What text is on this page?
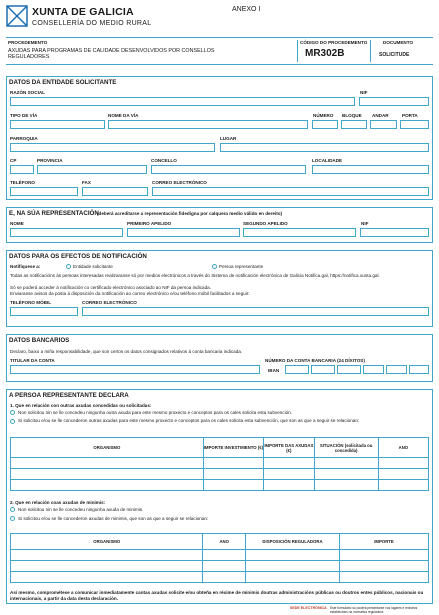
XUNTA DE GALICIA
CONSELLERÍA DO MEDIO RURAL
ANEXO I
PROCEDEMENTO
AXUDAS PARA PROGRAMAS DE CALIDADE DESENVOLVIDOS POR CONSELLOS REGULADORES
CÓDIGO DO PROCEDEMENTO
MR302B
DOCUMENTO
SOLICITUDE
DATOS DA ENTIDADE SOLICITANTE
RAZÓN SOCIAL	NIF
TIPO DE VÍA	NOME DA VÍA	NÚMERO BLOQUE ANDAR	PORTA
PARROQUIA	LUGAR
CP	PROVINCIA	CONCELLO	LOCALIDADE
TELÉFONO	FAX	CORREO ELECTRÓNICO
E, NA SÚA REPRESENTACIÓN
(deberá acreditarse a representación fidedigna por calquera medio válido en dereito)
NOME	PRIMEIRO APELIDO	SEGUNDO APELIDO	NIF
DATOS PARA OS EFECTOS DE NOTIFICACIÓN
Notifíquese a:	Entidade solicitante	Persoa representante
Todas as notificacións ás persoas interesadas realizaranse só por medios electrónicos a través do Sistema de notificación electrónica de Galicia Notifica.gal, https://notifica.xunta.gal.
Só se poderá acceder á notificación co certificado electrónico asociado ao NIF da persoa indicada.
Enviaranse avisos da posta á disposición da notificación ao correo electrónico e/ou teléfono móbil facilitados a seguir:
TELÉFONO MÓBIL	CORREO ELECTRÓNICO
DATOS BANCARIOS
Declaro, baixo a miña responsabilidade, que son certos os datos consignados relativos á conta bancaria indicada.
TITULAR DA CONTA	NÚMERO DA CONTA BANCARIA (24 DÍXITOS)
IBAN
A PERSOA REPRESENTANTE DECLARA
1. Que en relación con outras axudas concedidas ou solicitadas:
Non solicitou nin se lle concedeu ningunha outra axuda para este mesmo proxecto e conceptos para os cales solicita esta subvención.
Si solicitou e/ou se lle concederon outras axudas para este mesmo proxecto e conceptos para os cales solicita esta subvención, que son as que a seguir se relacionan:
ORGANISMO	IMPORTE INVESTIMENTO (€)	IMPORTE DAS AXUDAS (€)	SITUACIÓN (solicitada ou concedida)	ANO

2. Que en relación coas axudas de minimis:
Non solicitou nin se lle concedeu ningunha axuda de minimis.
Si solicitou e/ou se lle concederon axudas de minimis, que son as que a seguir se relacionan:
ORGANISMO	ANO	DISPOSICIÓN REGULADORA	IMPORTE

Así mesmo, comprométese a comunicar inmediatamente cantas axudas solicite e/ou obteña en réxime de minimis doutras administracións públicas ou doutros entes públicos, nacionais ou internacionais, a partir da data desta declaración.
SEDE ELECTRÓNICA Este formulario só poderá presentarse nos lugares e rexistros establecidos na normativa reguladora.
